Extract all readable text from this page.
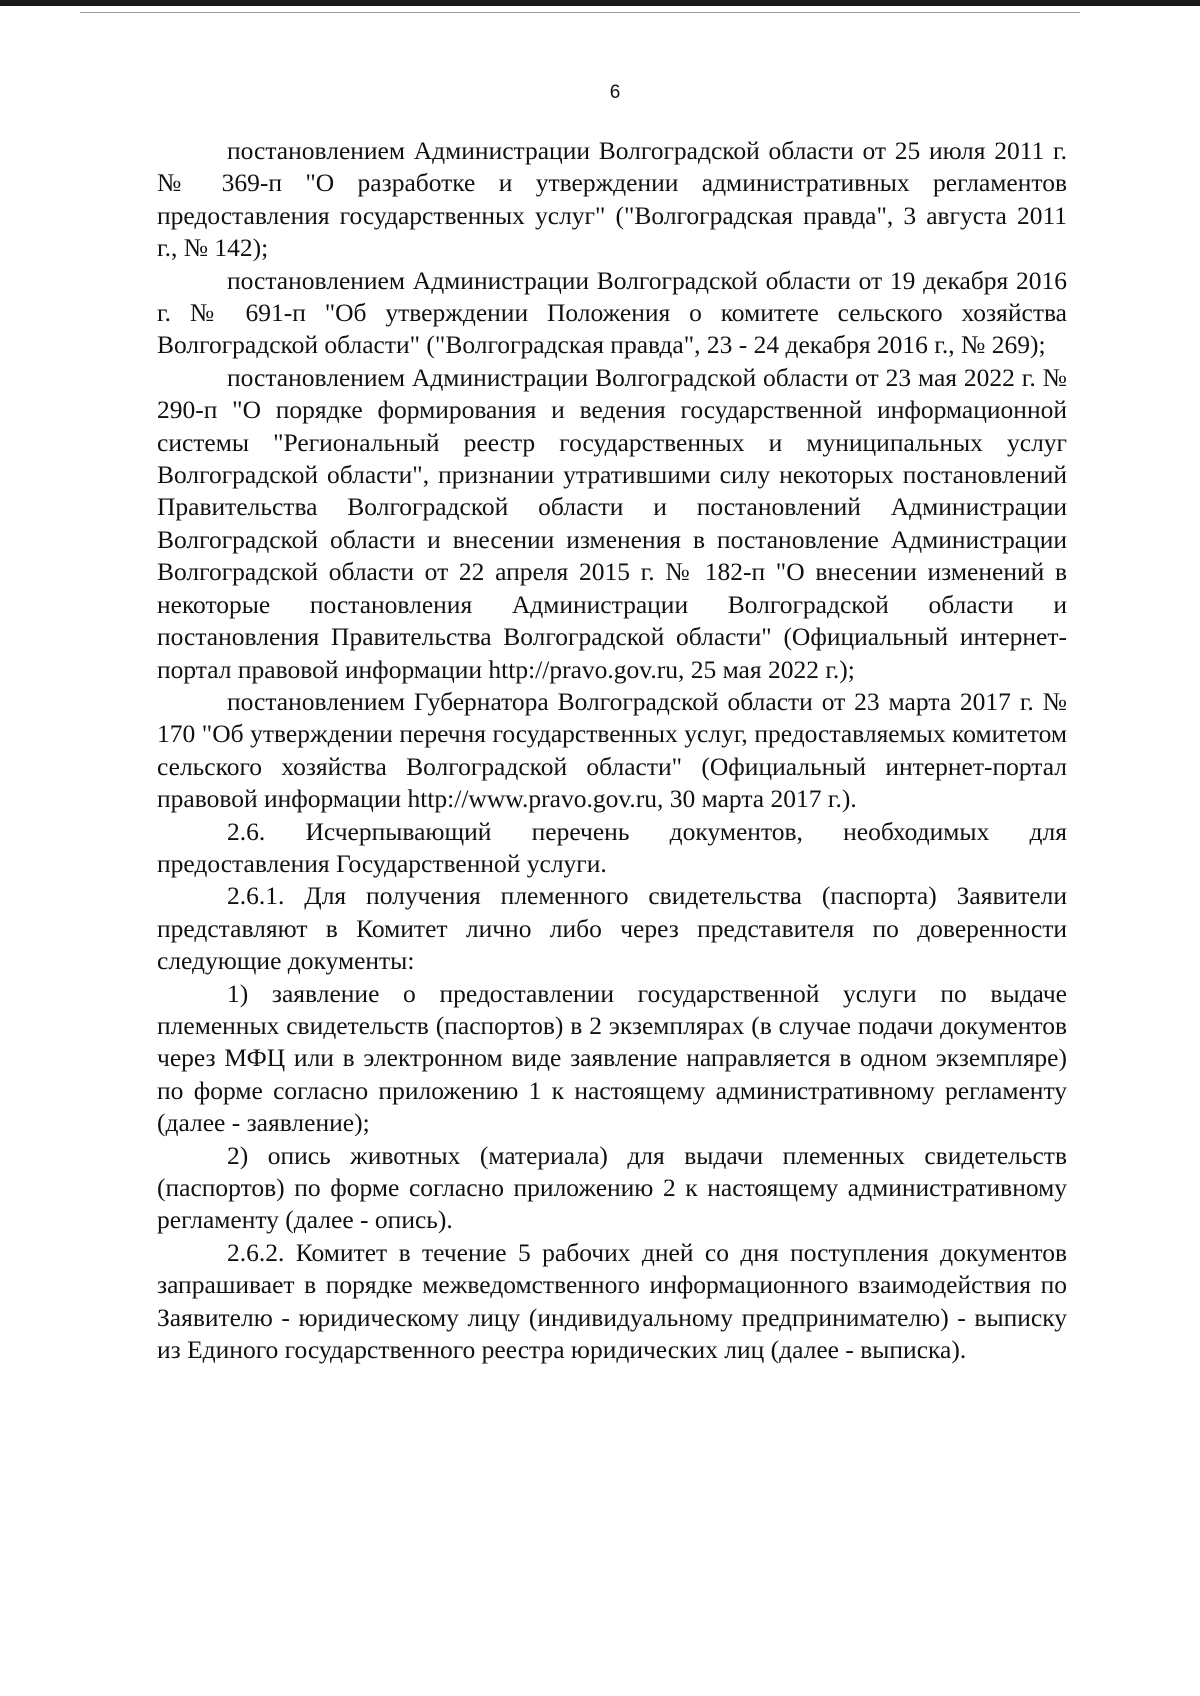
6

постановлением Администрации Волгоградской области от 25 июля 2011 г. № 369-п "О разработке и утверждении административных регламентов предоставления государственных услуг" ("Волгоградская правда", 3 августа 2011 г., № 142);

постановлением Администрации Волгоградской области от 19 декабря 2016 г. № 691-п "Об утверждении Положения о комитете сельского хозяйства Волгоградской области" ("Волгоградская правда", 23 - 24 декабря 2016 г., № 269);

постановлением Администрации Волгоградской области от 23 мая 2022 г. № 290-п "О порядке формирования и ведения государственной информационной системы "Региональный реестр государственных и муниципальных услуг Волгоградской области", признании утратившими силу некоторых постановлений Правительства Волгоградской области и постановлений Администрации Волгоградской области и внесении изменения в постановление Администрации Волгоградской области от 22 апреля 2015 г. № 182-п "О внесении изменений в некоторые постановления Администрации Волгоградской области и постановления Правительства Волгоградской области" (Официальный интернет-портал правовой информации http://pravo.gov.ru, 25 мая 2022 г.);

постановлением Губернатора Волгоградской области от 23 марта 2017 г. № 170 "Об утверждении перечня государственных услуг, предоставляемых комитетом сельского хозяйства Волгоградской области" (Официальный интернет-портал правовой информации http://www.pravo.gov.ru, 30 марта 2017 г.).

2.6. Исчерпывающий перечень документов, необходимых для предоставления Государственной услуги.

2.6.1. Для получения племенного свидетельства (паспорта) Заявители представляют в Комитет лично либо через представителя по доверенности следующие документы:

1) заявление о предоставлении государственной услуги по выдаче племенных свидетельств (паспортов) в 2 экземплярах (в случае подачи документов через МФЦ или в электронном виде заявление направляется в одном экземпляре) по форме согласно приложению 1 к настоящему административному регламенту (далее - заявление);

2) опись животных (материала) для выдачи племенных свидетельств (паспортов) по форме согласно приложению 2 к настоящему административному регламенту (далее - опись).

2.6.2. Комитет в течение 5 рабочих дней со дня поступления документов запрашивает в порядке межведомственного информационного взаимодействия по Заявителю - юридическому лицу (индивидуальному предпринимателю) - выписку из Единого государственного реестра юридических лиц (далее - выписка).
